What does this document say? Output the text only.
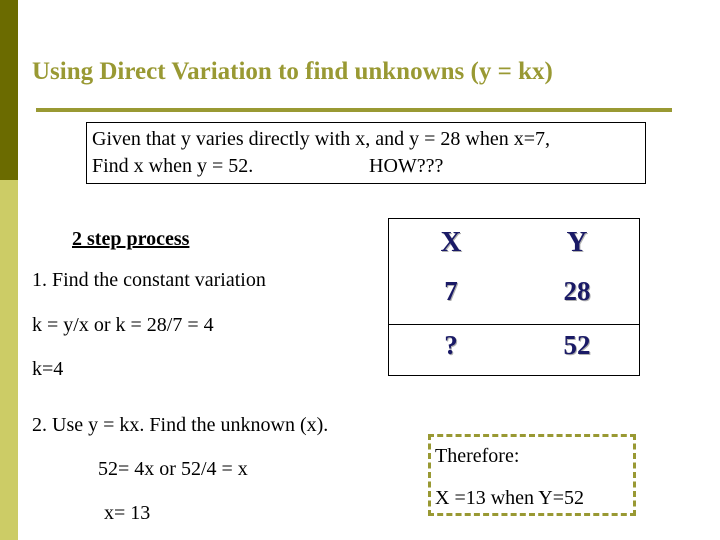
Using Direct Variation to find unknowns (y = kx)
Given that y varies directly with x, and y = 28 when x=7,
Find x when y = 52.	HOW???
2 step process
1. Find the constant variation
k = y/x or k = 28/7 = 4
k=4
2. Use y = kx. Find the unknown (x).
52= 4x or 52/4 = x
x= 13
X	Y
7	28
?	52
Therefore:
X =13 when Y=52
